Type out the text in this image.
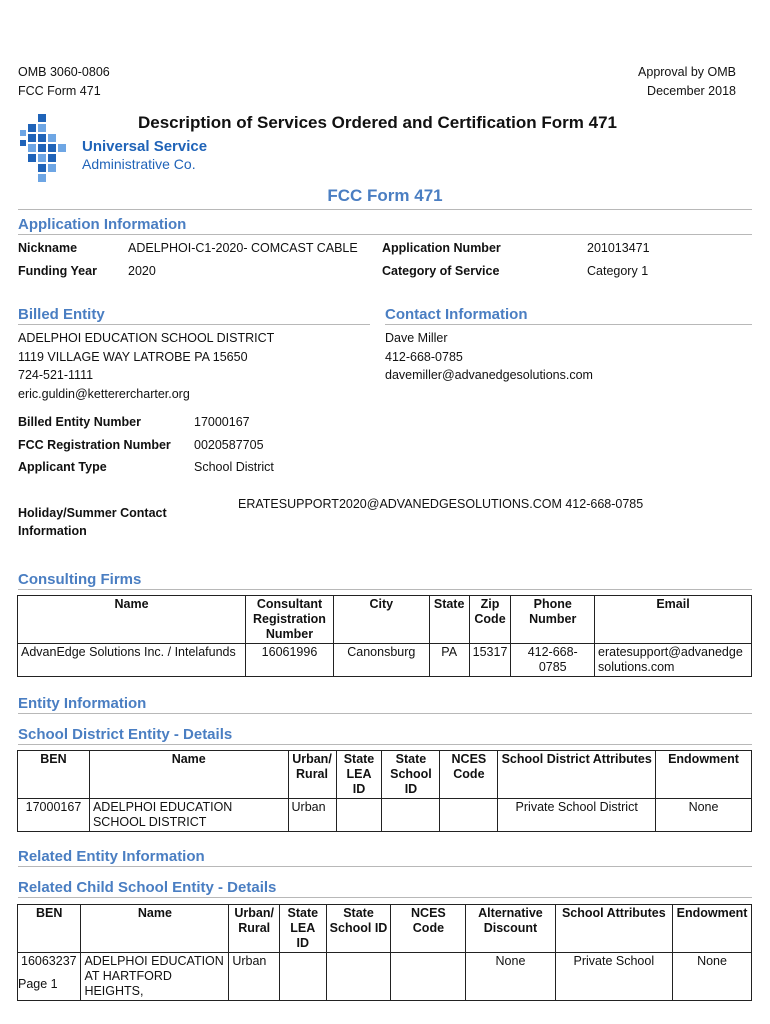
OMB 3060-0806
FCC Form 471
Approval by OMB
December 2018
Universal Service
Administrative Co.
Description of Services Ordered and Certification Form 471
FCC Form 471
Application Information
Nickname	ADELPHOI-C1-2020- COMCAST CABLE Application Number	201013471
Funding Year 2020	Category of Service	Category 1
Billed Entity
ADELPHOI EDUCATION SCHOOL DISTRICT
1119 VILLAGE WAY LATROBE PA 15650
724-521-1111
eric.guldin@ketterercharter.org
Billed Entity Number	17000167
FCC Registration Number 0020587705
Applicant Type	School District
Holiday/Summer Contact
Information
ERATESUPPORT2020@ADVANEDGESOLUTIONS.COM 412-668-0785
Contact Information
Dave Miller
412-668-0785
davemiller@advanedgesolutions.com
Consulting Firms
Name	Consultant Registration Number	City	State	Zip Code	Phone Number	Email
AdvanEdge Solutions Inc. / Intelafunds	16061996	Canonsburg	PA	15317	412-668-0785	eratesupport@advanedge solutions.com
Entity Information
School District Entity - Details
BEN	Name	Urban/ Rural	State LEA ID	State School ID	NCES Code	School District Attributes	Endowment
17000167	ADELPHOI EDUCATION SCHOOL DISTRICT	Urban				Private School District	None
Related Entity Information
Related Child School Entity - Details
BEN	Name	Urban/ Rural	State LEA ID	State School ID	NCES Code	Alternative Discount	School Attributes	Endowment
16063237	ADELPHOI EDUCATION AT HARTFORD HEIGHTS,	Urban				None	Private School	None
Page 1
